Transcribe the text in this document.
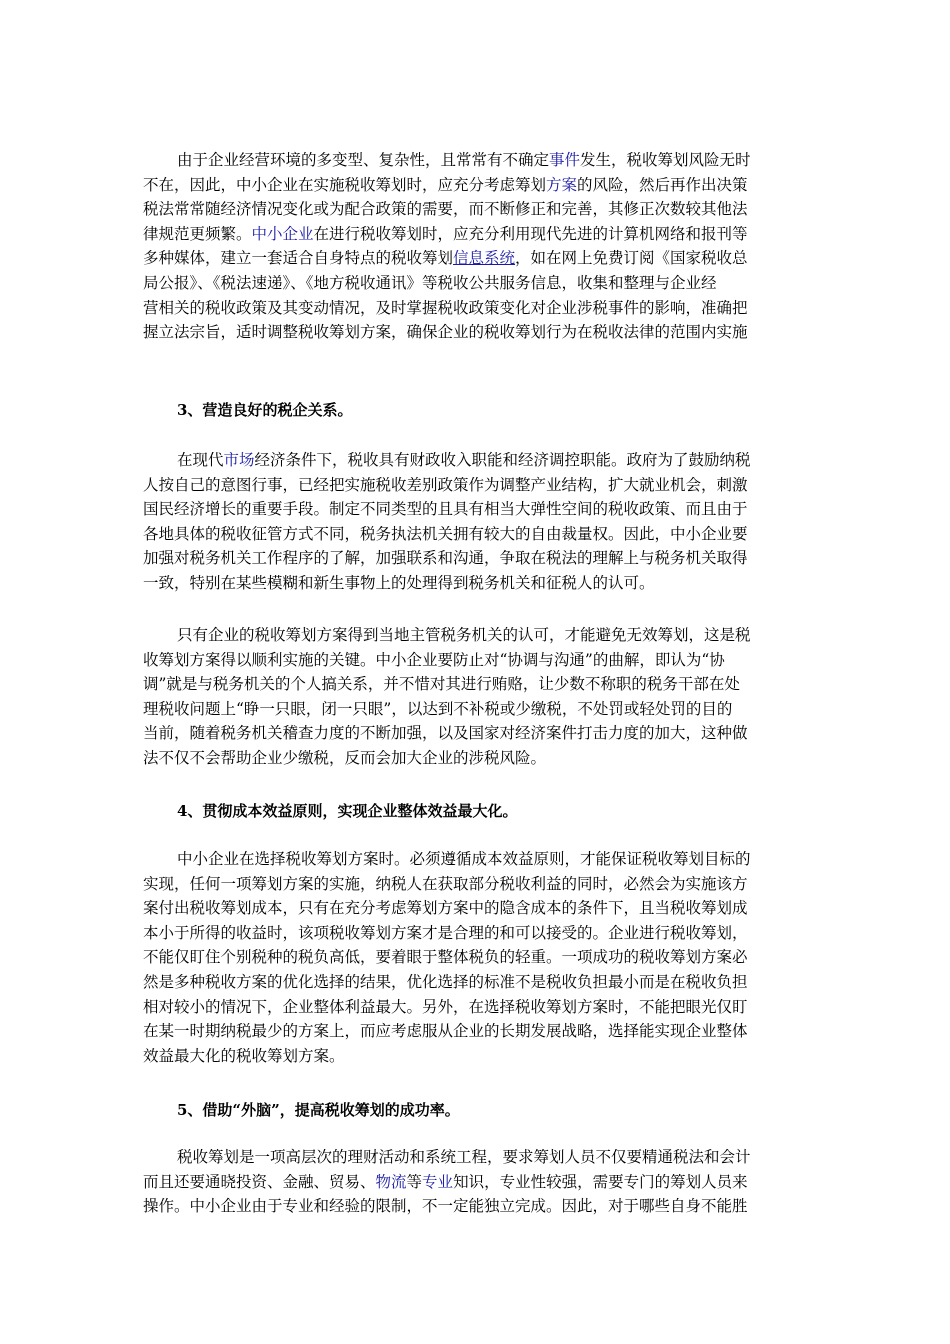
由于企业经营环境的多变型、复杂性，且常常有不确定事件发生，税收筹划风险无时
不在，因此，中小企业在实施税收筹划时，应充分考虑筹划方案的风险，然后再作出决策
税法常常随经济情况变化或为配合政策的需要，而不断修正和完善，其修正次数较其他法
律规范更频繁。中小企业在进行税收筹划时，应充分利用现代先进的计算机网络和报刊等
多种媒体，建立一套适合自身特点的税收筹划信息系统，如在网上免费订阅《国家税收总
局公报》、《税法速递》、《地方税收通讯》等税收公共服务信息，收集和整理与企业经
营相关的税收政策及其变动情况，及时掌握税收政策变化对企业涉税事件的影响，准确把
握立法宗旨，适时调整税收筹划方案，确保企业的税收筹划行为在税收法律的范围内实施
3、营造良好的税企关系。
在现代市场经济条件下，税收具有财政收入职能和经济调控职能。政府为了鼓励纳税
人按自己的意图行事，已经把实施税收差别政策作为调整产业结构，扩大就业机会，刺激
国民经济增长的重要手段。制定不同类型的且具有相当大弹性空间的税收政策、而且由于
各地具体的税收征管方式不同，税务执法机关拥有较大的自由裁量权。因此，中小企业要
加强对税务机关工作程序的了解，加强联系和沟通，争取在税法的理解上与税务机关取得
一致，特别在某些模糊和新生事物上的处理得到税务机关和征税人的认可。
只有企业的税收筹划方案得到当地主管税务机关的认可，才能避免无效筹划，这是税
收筹划方案得以顺利实施的关键。中小企业要防止对“协调与沟通”的曲解，即认为“协
调”就是与税务机关的个人搞关系，并不惜对其进行贿赂，让少数不称职的税务干部在处
理税收问题上“睁一只眼，闭一只眼”，以达到不补税或少缴税，不处罚或轻处罚的目的
当前，随着税务机关稽查力度的不断加强，以及国家对经济案件打击力度的加大，这种做
法不仅不会帮助企业少缴税，反而会加大企业的涉税风险。
4、贯彻成本效益原则，实现企业整体效益最大化。
中小企业在选择税收筹划方案时。必须遵循成本效益原则，才能保证税收筹划目标的
实现，任何一项筹划方案的实施，纳税人在获取部分税收利益的同时，必然会为实施该方
案付出税收筹划成本，只有在充分考虑筹划方案中的隐含成本的条件下，且当税收筹划成
本小于所得的收益时，该项税收筹划方案才是合理的和可以接受的。企业进行税收筹划，
不能仅盯住个别税种的税负高低，要着眼于整体税负的轻重。一项成功的税收筹划方案必
然是多种税收方案的优化选择的结果，优化选择的标准不是税收负担最小而是在税收负担
相对较小的情况下，企业整体利益最大。另外，在选择税收筹划方案时，不能把眼光仅盯
在某一时期纳税最少的方案上，而应考虑服从企业的长期发展战略，选择能实现企业整体
效益最大化的税收筹划方案。
5、借助“外脑”，提高税收筹划的成功率。
税收筹划是一项高层次的理财活动和系统工程，要求筹划人员不仅要精通税法和会计
而且还要通晓投资、金融、贸易、物流等专业知识，专业性较强，需要专门的筹划人员来
操作。中小企业由于专业和经验的限制，不一定能独立完成。因此，对于哪些自身不能胜
